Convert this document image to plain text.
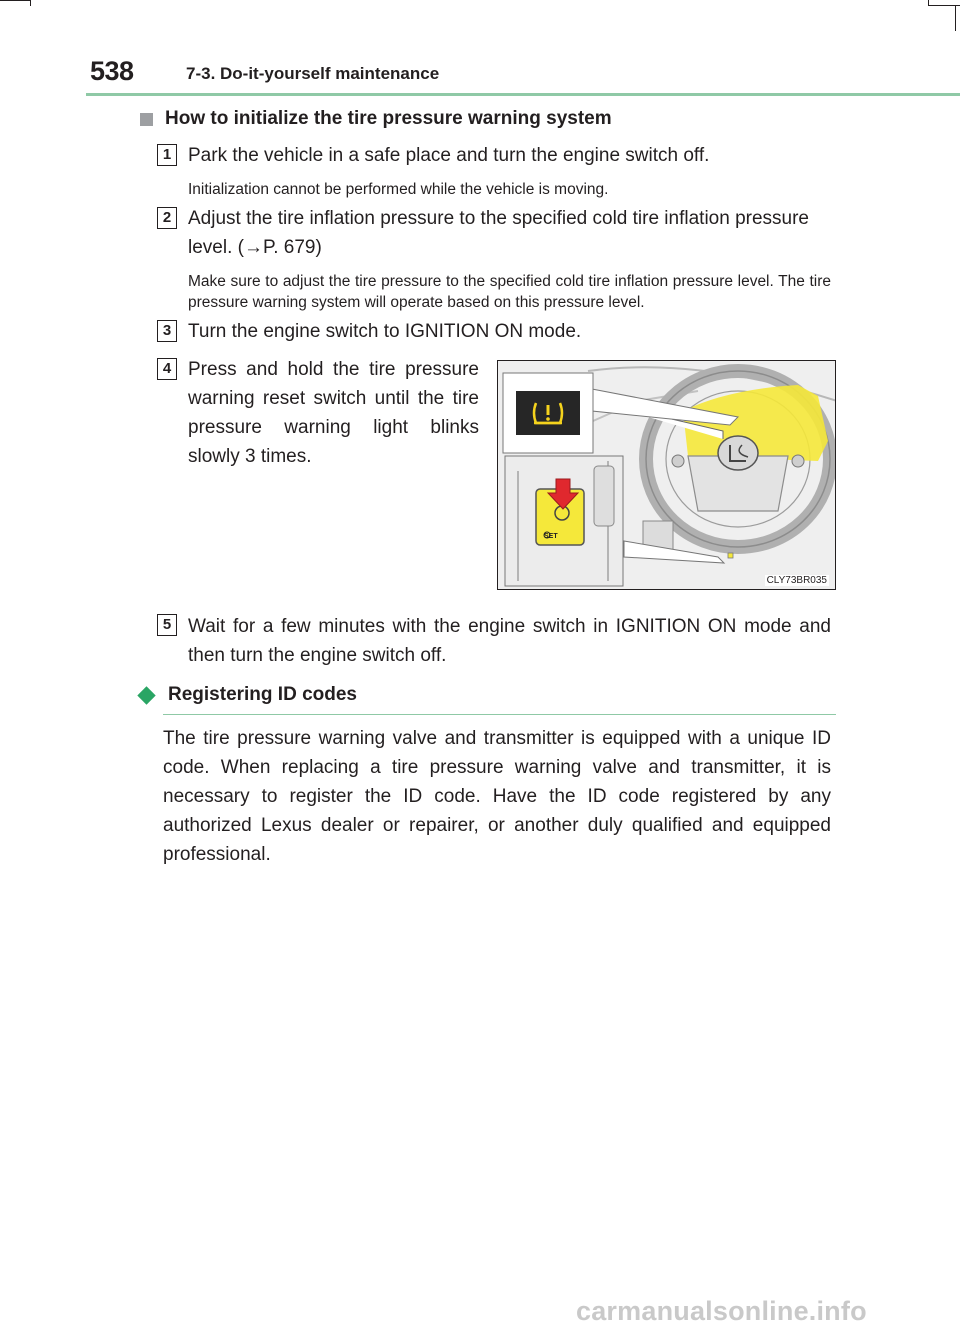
538	7-3. Do-it-yourself maintenance
How to initialize the tire pressure warning system
1 Park the vehicle in a safe place and turn the engine switch off.
Initialization cannot be performed while the vehicle is moving.
2 Adjust the tire inflation pressure to the specified cold tire inflation pressure
level. (→P. 679)
Make sure to adjust the tire pressure to the specified cold tire inflation pressure level. The tire pressure warning system will operate based on this pressure level.
3 Turn the engine switch to IGNITION ON mode.
4 Press and hold the tire pressure warning reset switch until the tire pressure warning light blinks slowly 3 times.
SET
CLY73BR035
5 Wait for a few minutes with the engine switch in IGNITION ON mode and then turn the engine switch off.
Registering ID codes
The tire pressure warning valve and transmitter is equipped with a unique ID code. When replacing a tire pressure warning valve and transmitter, it is necessary to register the ID code. Have the ID code registered by any authorized Lexus dealer or repairer, or another duly qualified and equipped professional.
carmanualsonline.info
